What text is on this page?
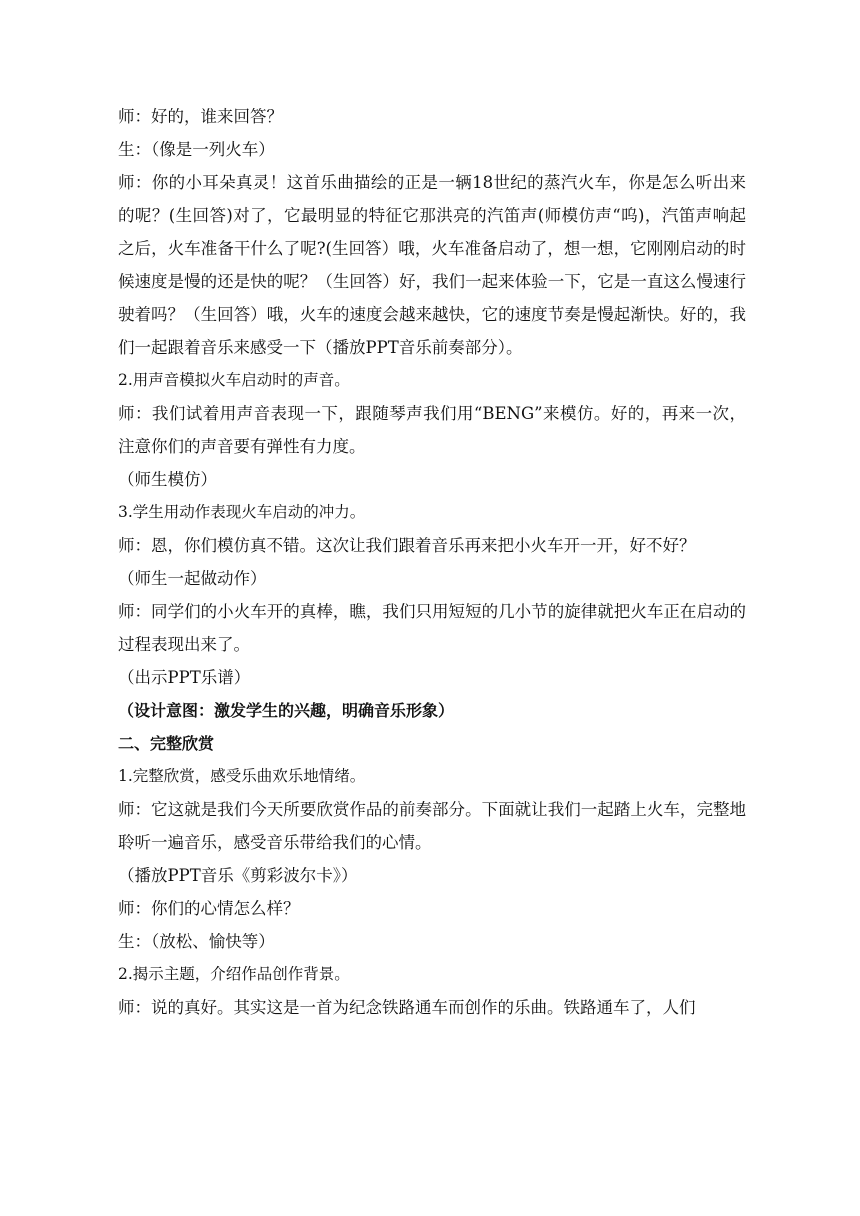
师：好的，谁来回答？

生：（像是一列火车）

师：你的小耳朵真灵！这首乐曲描绘的正是一辆18世纪的蒸汽火车，你是怎么听出来的呢？(生回答)对了，它最明显的特征它那洪亮的汽笛声(师模仿声“呜)，汽笛声响起之后，火车准备干什么了呢?(生回答）哦，火车准备启动了，想一想，它刚刚启动的时候速度是慢的还是快的呢？（生回答）好，我们一起来体验一下，它是一直这么慢速行驶着吗？（生回答）哦，火车的速度会越来越快，它的速度节奏是慢起渐快。好的，我们一起跟着音乐来感受一下（播放PPT音乐前奏部分）。

2.用声音模拟火车启动时的声音。

师：我们试着用声音表现一下，跟随琴声我们用“BENG”来模仿。好的，再来一次，注意你们的声音要有弹性有力度。

（师生模仿）

3.学生用动作表现火车启动的冲力。

师：恩，你们模仿真不错。这次让我们跟着音乐再来把小火车开一开，好不好？

（师生一起做动作）

师：同学们的小火车开的真棒，瞧，我们只用短短的几小节的旋律就把火车正在启动的过程表现出来了。

（出示PPT乐谱）

（设计意图：激发学生的兴趣，明确音乐形象）

二、完整欣赏

1.完整欣赏，感受乐曲欢乐地情绪。

师：它这就是我们今天所要欣赏作品的前奏部分。下面就让我们一起踏上火车，完整地聆听一遍音乐，感受音乐带给我们的心情。

（播放PPT音乐《剪彩波尔卡》）

师：你们的心情怎么样？

生：（放松、愉快等）

2.揭示主题，介绍作品创作背景。

师：说的真好。其实这是一首为纪念铁路通车而创作的乐曲。铁路通车了，人们
